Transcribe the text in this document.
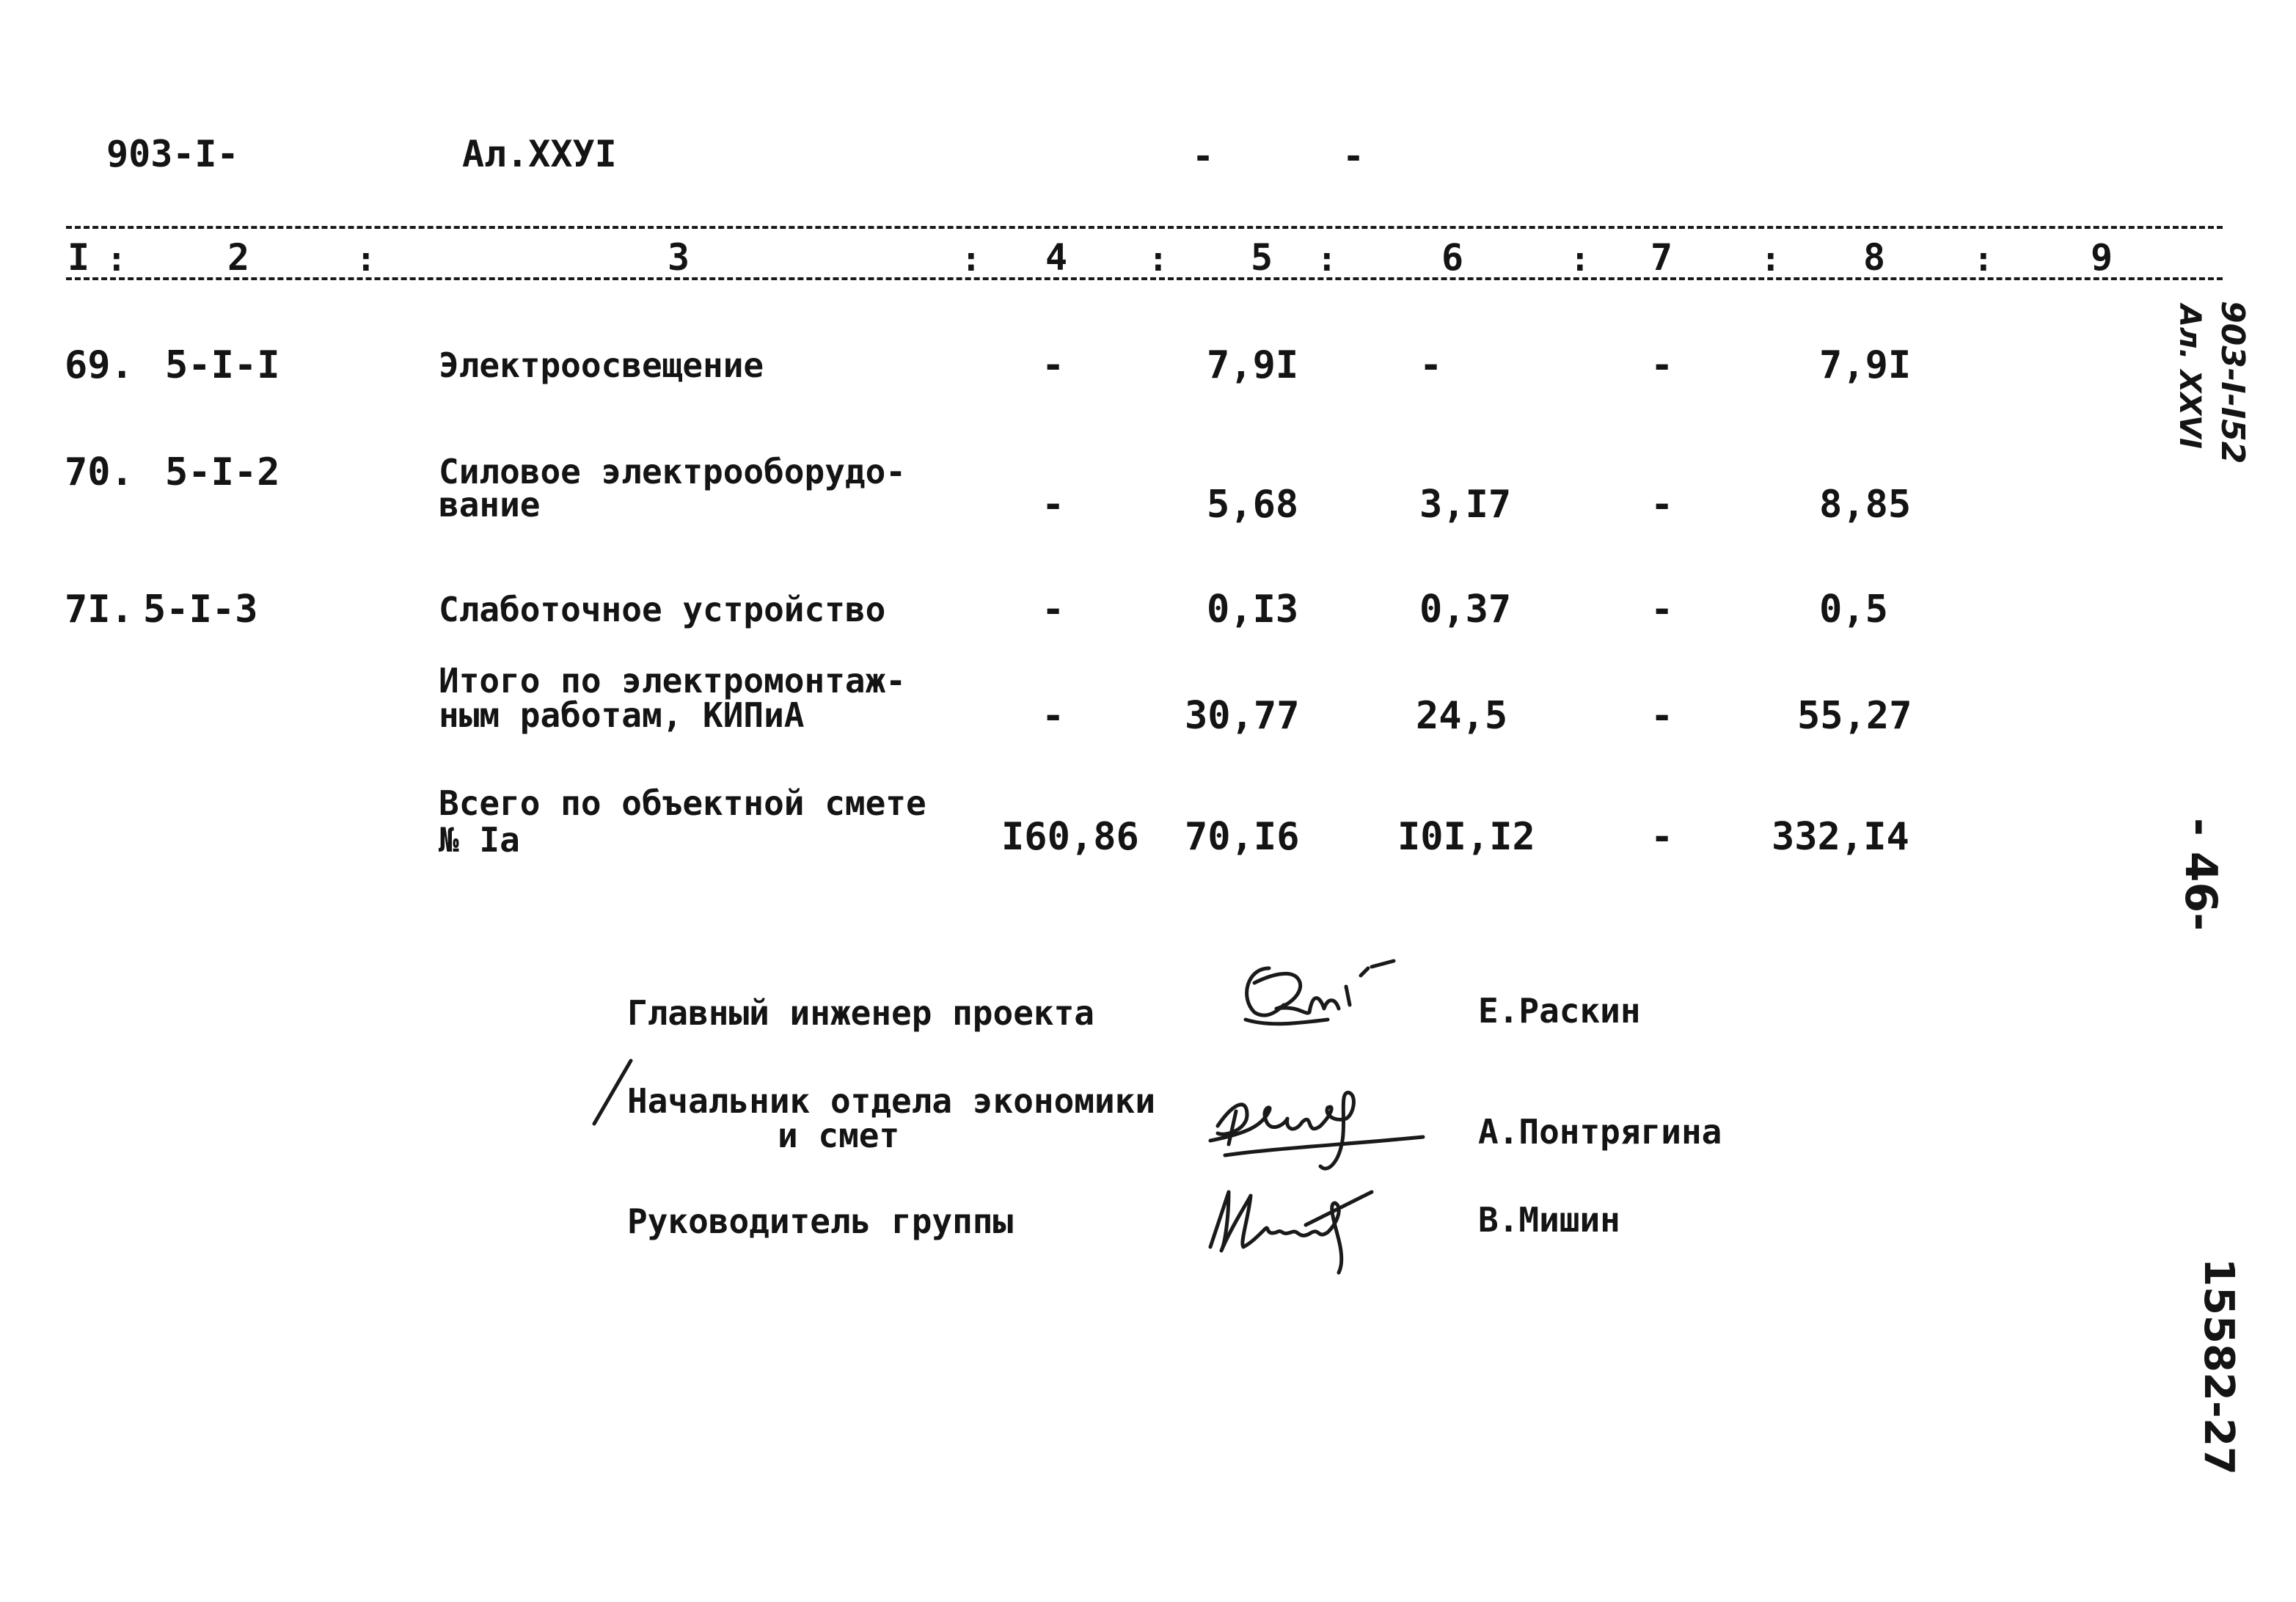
903-I-	Ал.XXУI	-	-
I	2	3	4	5	6	7	8	9
:	:	:	:	:	:	:	:
69. 5-I-I	Электроосвещение	-	7,9I	-	-	7,9I
70. 5-I-2	Силовое электрооборудо-
вание	-	5,68	3,I7	-	8,85
7I. 5-I-3	Слаботочное устройство	-	0,I3	0,37	-	0,5
Итого по электромонтаж-
ным работам, КИПиА	-	30,77	24,5	-	55,27
Всего по объектной смете
№ Iа	I60,86 70,I6	I0I,I2	-	332,I4
Главный инженер проекта	Е.Раскин
Начальник отдела экономики
и смет	А.Понтрягина
Руководитель группы	В.Мишин
903-I-I52
Ал. XXVI
- 46-
15582-27
